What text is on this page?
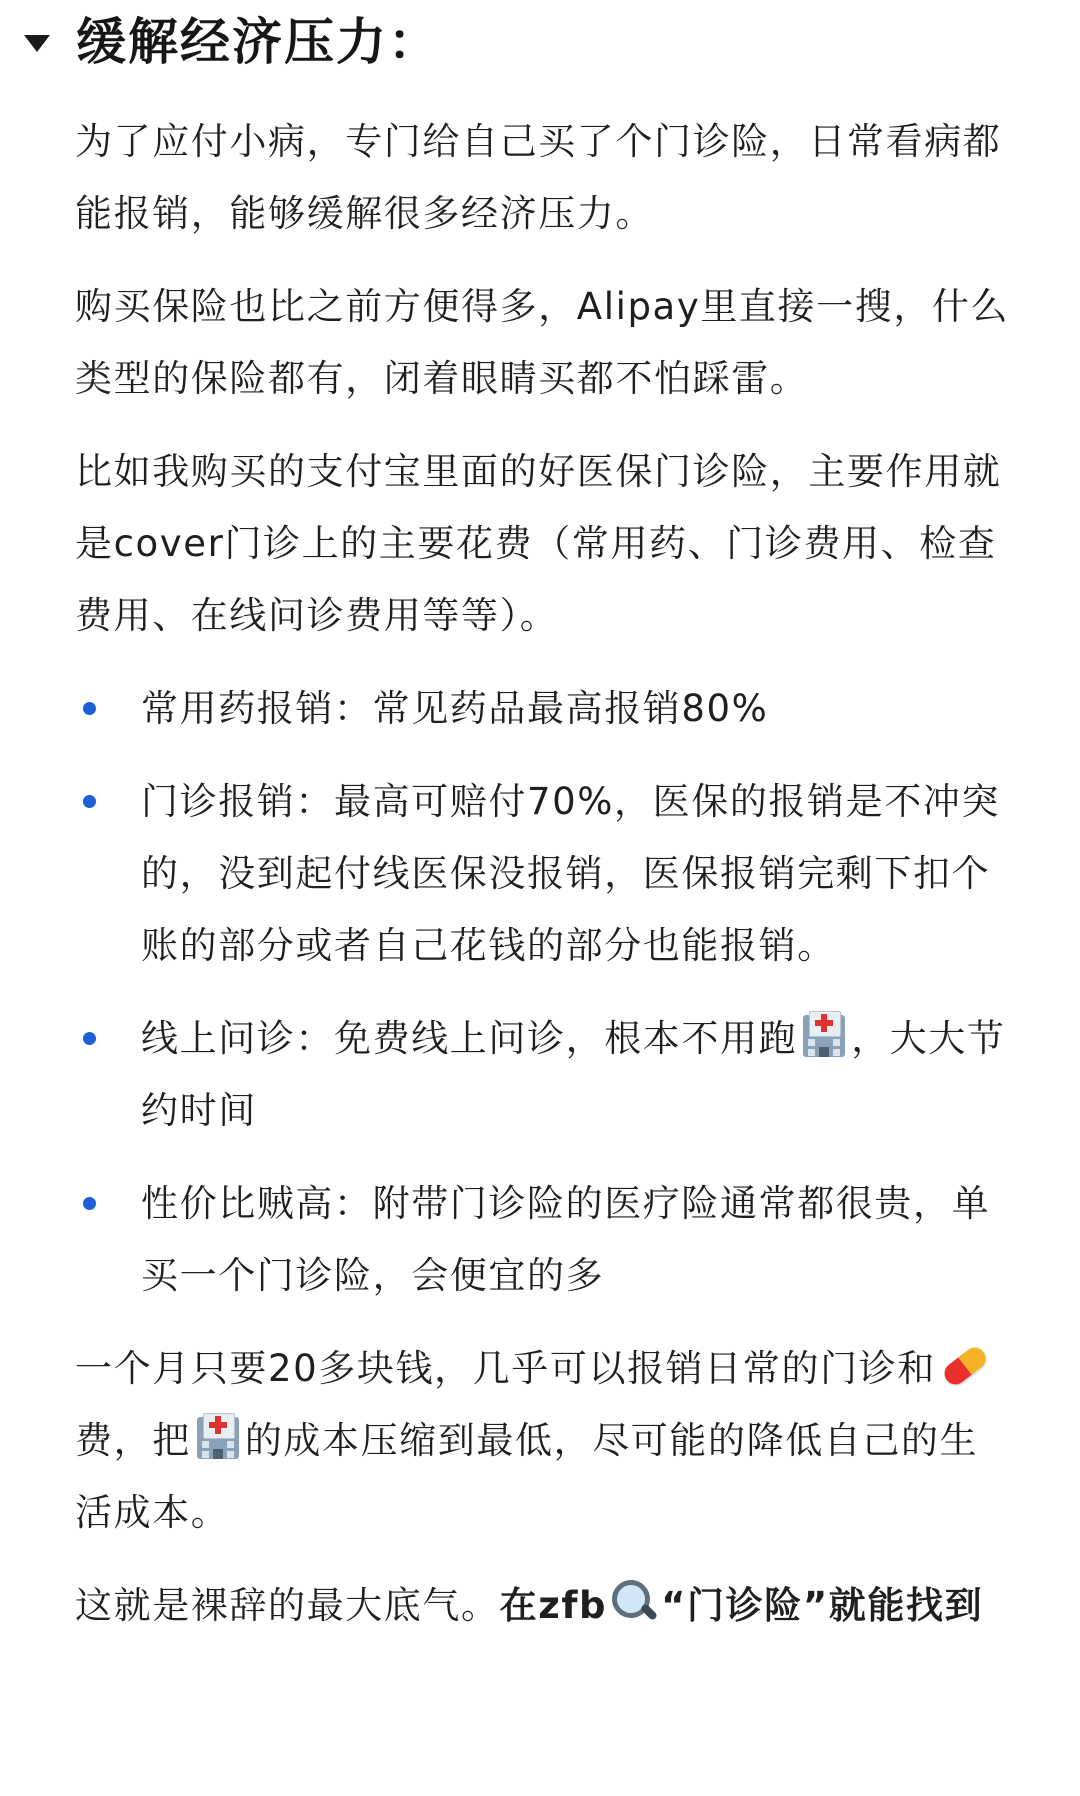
缓解经济压力：

为了应付小病，专门给自己买了个门诊险，日常看病都能报销，能够缓解很多经济压力。

购买保险也比之前方便得多，Alipay里直接一搜，什么类型的保险都有，闭着眼睛买都不怕踩雷。

比如我购买的支付宝里面的好医保门诊险，主要作用就是cover门诊上的主要花费（常用药、门诊费用、检查费用、在线问诊费用等等）。

常用药报销：常见药品最高报销80%
门诊报销：最高可赔付70%，医保的报销是不冲突的，没到起付线医保没报销，医保报销完剩下扣个账的部分或者自己花钱的部分也能报销。
线上问诊：免费线上问诊，根本不用跑 ，大大节约时间
性价比贼高：附带门诊险的医疗险通常都很贵，单买一个门诊险，会便宜的多

一个月只要20多块钱，几乎可以报销日常的门诊和
费，把 的成本压缩到最低，尽可能的降低自己的生活成本。

这就是裸辞的最大底气。在zfb “门诊险”就能找到
